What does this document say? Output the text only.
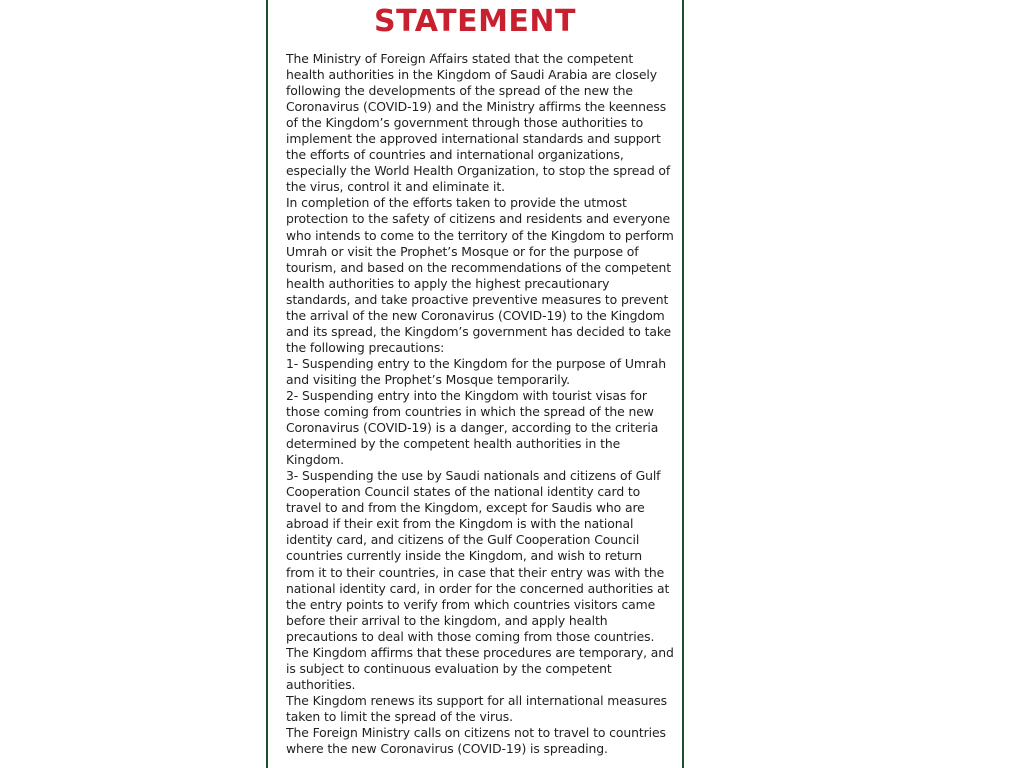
STATEMENT
The Ministry of Foreign Affairs stated that the competent
health authorities in the Kingdom of Saudi Arabia are closely
following the developments of the spread of the new the
Coronavirus (COVID-19) and the Ministry affirms the keenness
of the Kingdom’s government through those authorities to
implement the approved international standards and support
the efforts of countries and international organizations,
especially the World Health Organization, to stop the spread of
the virus, control it and eliminate it.
In completion of the efforts taken to provide the utmost
protection to the safety of citizens and residents and everyone
who intends to come to the territory of the Kingdom to perform
Umrah or visit the Prophet’s Mosque or for the purpose of
tourism, and based on the recommendations of the competent
health authorities to apply the highest precautionary
standards, and take proactive preventive measures to prevent
the arrival of the new Coronavirus (COVID-19) to the Kingdom
and its spread, the Kingdom’s government has decided to take
the following precautions:
1- Suspending entry to the Kingdom for the purpose of Umrah
and visiting the Prophet’s Mosque temporarily.
2- Suspending entry into the Kingdom with tourist visas for
those coming from countries in which the spread of the new
Coronavirus (COVID-19) is a danger, according to the criteria
determined by the competent health authorities in the
Kingdom.
3- Suspending the use by Saudi nationals and citizens of Gulf
Cooperation Council states of the national identity card to
travel to and from the Kingdom, except for Saudis who are
abroad if their exit from the Kingdom is with the national
identity card, and citizens of the Gulf Cooperation Council
countries currently inside the Kingdom, and wish to return
from it to their countries, in case that their entry was with the
national identity card, in order for the concerned authorities at
the entry points to verify from which countries visitors came
before their arrival to the kingdom, and apply health
precautions to deal with those coming from those countries.
The Kingdom affirms that these procedures are temporary, and
is subject to continuous evaluation by the competent
authorities.
The Kingdom renews its support for all international measures
taken to limit the spread of the virus.
The Foreign Ministry calls on citizens not to travel to countries
where the new Coronavirus (COVID-19) is spreading.
